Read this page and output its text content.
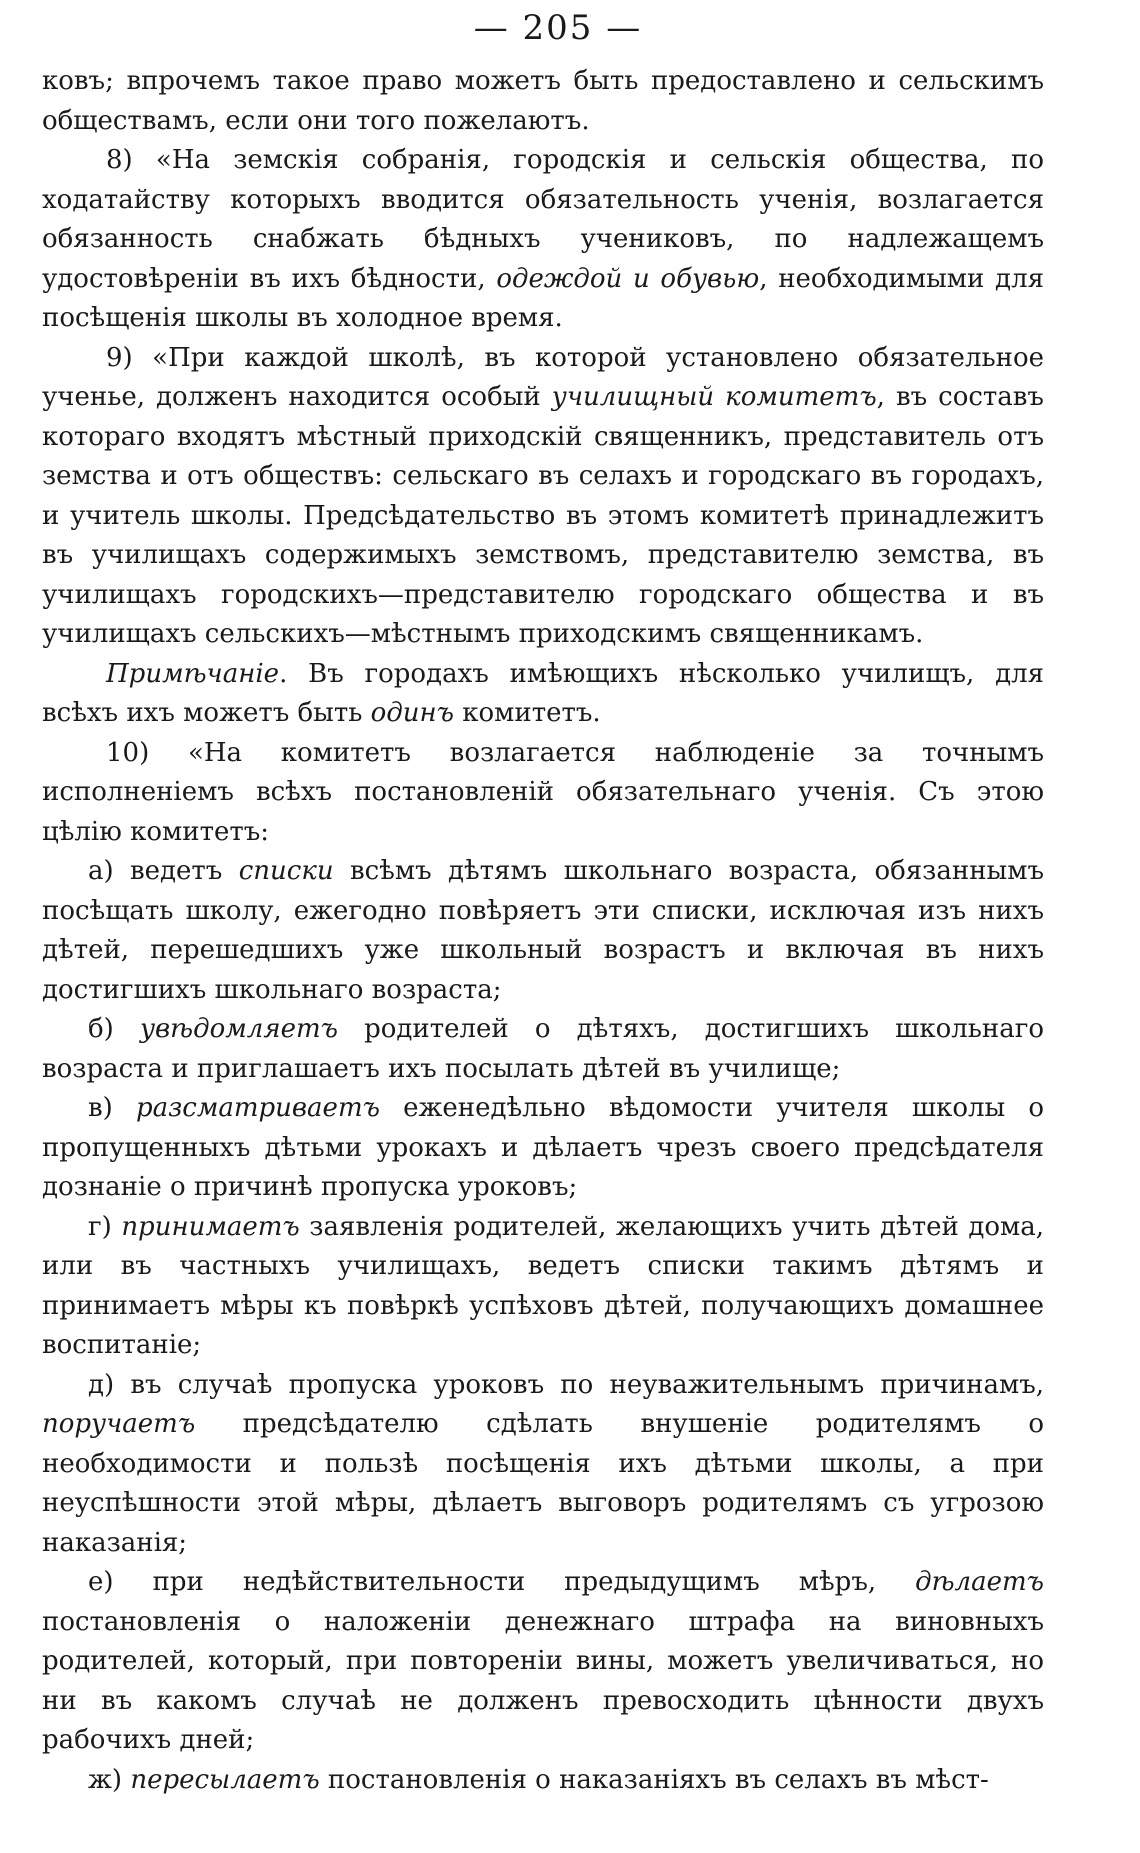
— 205 —

ковъ; впрочемъ такое право можетъ быть предоставлено и сельскимъ обществамъ, если они того пожелаютъ.

8) «На земскія собранія, городскія и сельскія общества, по ходатайству которыхъ вводится обязательность ученія, возлагается обязанность снабжать бѣдныхъ учениковъ, по надлежащемъ удостовѣреніи въ ихъ бѣдности, одеждой и обувью, необходимыми для посѣщенія школы въ холодное время.

9) «При каждой школѣ, въ которой установлено обязательное ученье, долженъ находится особый училищный комитетъ, въ составъ котораго входятъ мѣстный приходскій священникъ, представитель отъ земства и отъ обществъ: сельскаго въ селахъ и городскаго въ городахъ, и учитель школы. Предсѣдательство въ этомъ комитетѣ принадлежитъ въ училищахъ содержимыхъ земствомъ, представителю земства, въ училищахъ городскихъ—представителю городскаго общества и въ училищахъ сельскихъ—мѣстнымъ приходскимъ священникамъ.

Примѣчаніе. Въ городахъ имѣющихъ нѣсколько училищъ, для всѣхъ ихъ можетъ быть одинъ комитетъ.

10) «На комитетъ возлагается наблюденіе за точнымъ исполненіемъ всѣхъ постановленій обязательнаго ученія. Съ этою цѣлію комитетъ:

а) ведетъ списки всѣмъ дѣтямъ школьнаго возраста, обязаннымъ посѣщать школу, ежегодно повѣряетъ эти списки, исключая изъ нихъ дѣтей, перешедшихъ уже школьный возрастъ и включая въ нихъ достигшихъ школьнаго возраста;

б) увѣдомляетъ родителей о дѣтяхъ, достигшихъ школьнаго возраста и приглашаетъ ихъ посылать дѣтей въ училище;

в) разсматриваетъ еженедѣльно вѣдомости учителя школы о пропущенныхъ дѣтьми урокахъ и дѣлаетъ чрезъ своего предсѣдателя дознаніе о причинѣ пропуска уроковъ;

г) принимаетъ заявленія родителей, желающихъ учить дѣтей дома, или въ частныхъ училищахъ, ведетъ списки такимъ дѣтямъ и принимаетъ мѣры къ повѣркѣ успѣховъ дѣтей, получающихъ домашнее воспитаніе;

д) въ случаѣ пропуска уроковъ по неуважительнымъ причинамъ, поручаетъ предсѣдателю сдѣлать внушеніе родителямъ о необходимости и пользѣ посѣщенія ихъ дѣтьми школы, а при неуспѣшности этой мѣры, дѣлаетъ выговоръ родителямъ съ угрозою наказанія;

е) при недѣйствительности предыдущимъ мѣръ, дѣлаетъ постановленія о наложеніи денежнаго штрафа на виновныхъ родителей, который, при повтореніи вины, можетъ увеличиваться, но ни въ какомъ случаѣ не долженъ превосходить цѣнности двухъ рабочихъ дней;

ж) пересылаетъ постановленія о наказаніяхъ въ селахъ въ мѣст-
